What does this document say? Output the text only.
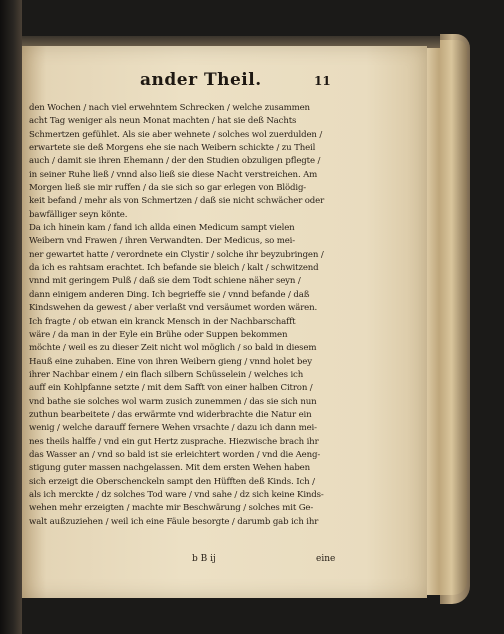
ander Theil.	11
den Wochen / nach viel erwehntem Schrecken / welche zusammen
acht Tag weniger als neun Monat machten / hat sie deß Nachts
Schmertzen gefühlet. Als sie aber wehnete / solches wol zuerdulden /
erwartete sie deß Morgens ehe sie nach Weibern schickte / zu Theil
auch / damit sie ihren Ehemann / der den Studien obzuligen pflegte /
in seiner Ruhe ließ / vnnd also ließ sie diese Nacht verstreichen. Am
Morgen ließ sie mir ruffen / da sie sich so gar erlegen von Blödig-
keit befand / mehr als von Schmertzen / daß sie nicht schwächer oder
bawfälliger seyn könte.
Da ich hinein kam / fand ich allda einen Medicum sampt vielen
Weibern vnd Frawen / ihren Verwandten. Der Medicus, so mei-
ner gewartet hatte / verordnete ein Clystir / solche ihr beyzubringen /
da ich es rahtsam erachtet. Ich befande sie bleich / kalt / schwitzend
vnnd mit geringem Pulß / daß sie dem Todt schiene näher seyn /
dann einigem anderen Ding. Ich begrieffe sie / vnnd befande / daß
Kindswehen da gewest / aber verlaßt vnd versäumet worden wären.
Ich fragte / ob etwan ein kranck Mensch in der Nachbarschafft
wäre / da man in der Eyle ein Brühe oder Suppen bekommen
möchte / weil es zu dieser Zeit nicht wol möglich / so bald in diesem
Hauß eine zuhaben. Eine von ihren Weibern gieng / vnnd holet bey
ihrer Nachbar einem / ein flach silbern Schüsselein / welches ich
auff ein Kohlpfanne setzte / mit dem Safft von einer halben Citron /
vnd bathe sie solches wol warm zusich zunemmen / das sie sich nun
zuthun bearbeitete / das erwärmte vnd widerbrachte die Natur ein
wenig / welche darauff fernere Wehen vrsachte / dazu ich dann mei-
nes theils halffe / vnd ein gut Hertz zusprache. Hiezwische brach ihr
das Wasser an / vnd so bald ist sie erleichtert worden / vnd die Aeng-
stigung guter massen nachgelassen. Mit dem ersten Wehen haben
sich erzeigt die Oberschenckeln sampt den Hüfften deß Kinds. Ich /
als ich merckte / dz solches Tod ware / vnd sahe / dz sich keine Kinds-
wehen mehr erzeigten / machte mir Beschwärung / solches mit Ge-
walt außzuziehen / weil ich eine Fäule besorgte / darumb gab ich ihr
b B ij	eine
